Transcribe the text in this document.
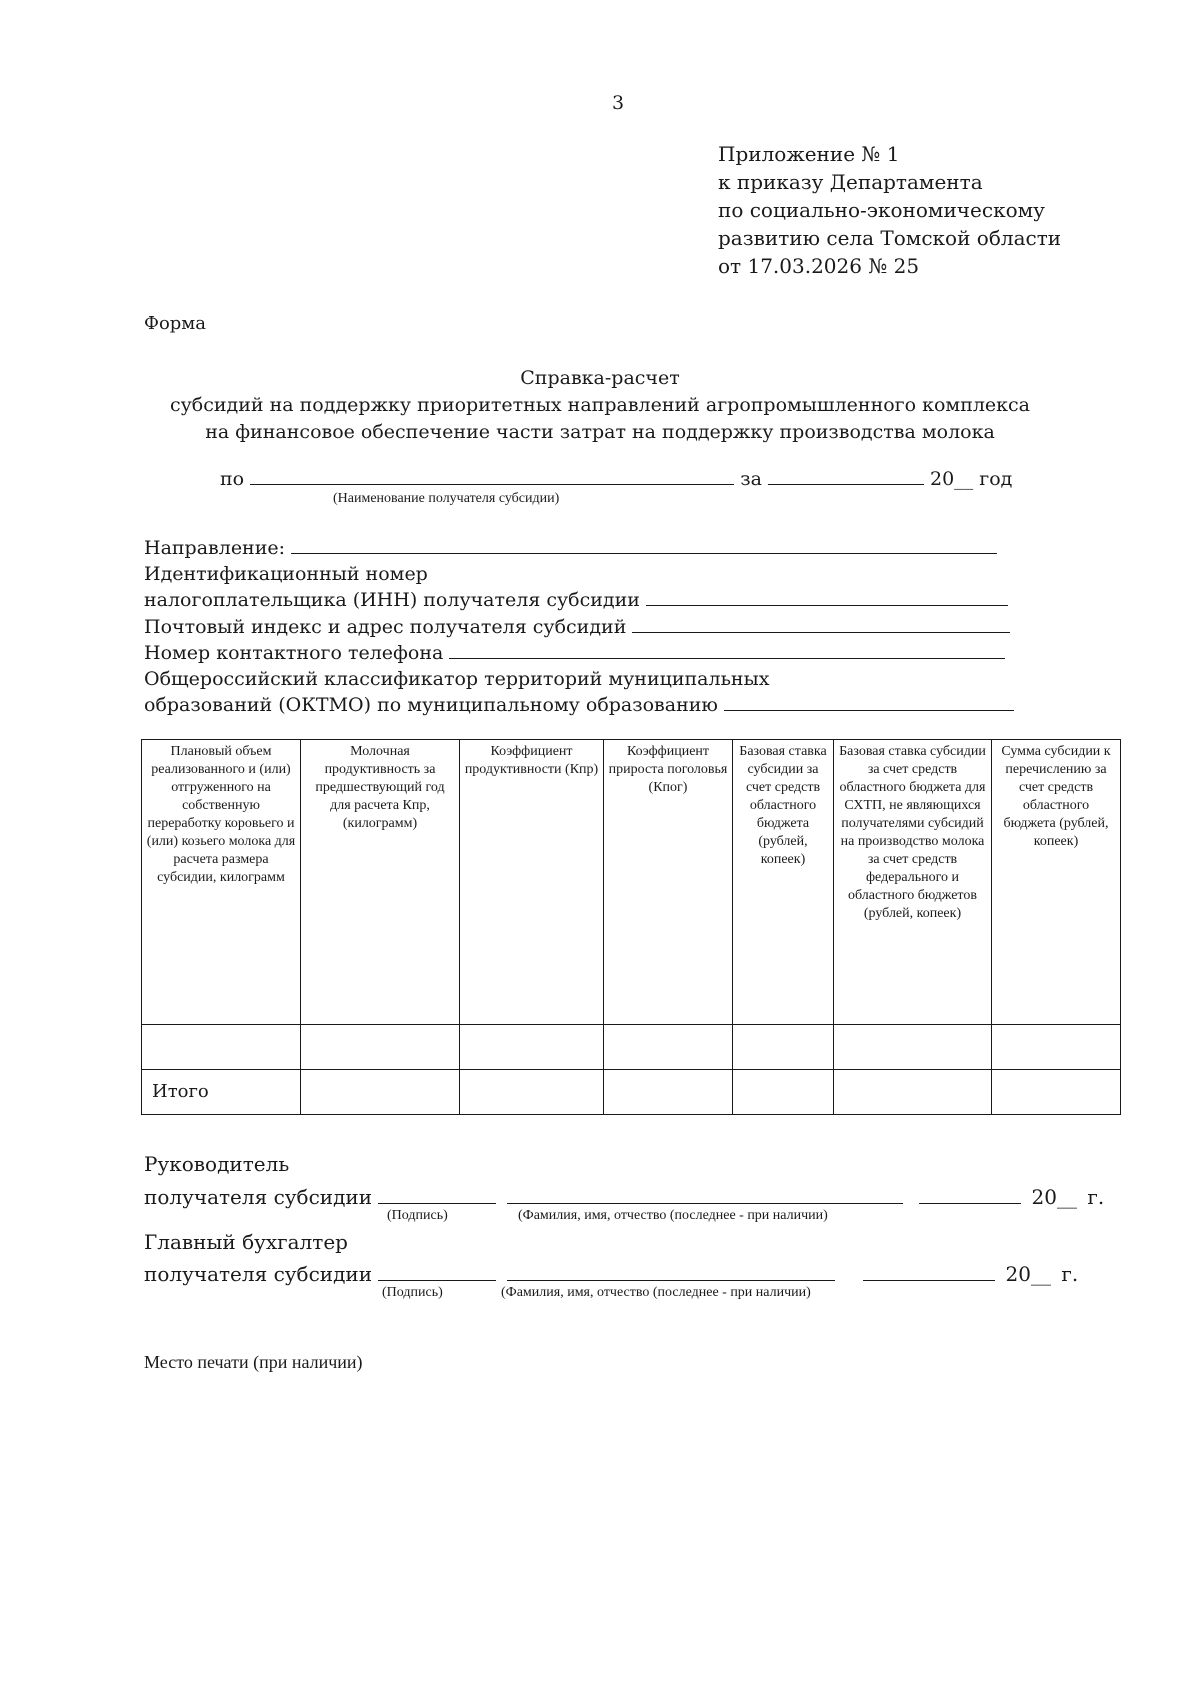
3
Приложение № 1
к приказу Департамента
по социально-экономическому
развитию села Томской области
от 17.03.2026 № 25
Форма
Справка-расчет
субсидий на поддержку приоритетных направлений агропромышленного комплекса
на финансовое обеспечение части затрат на поддержку производства молока
по	за	20__ год
(Наименование получателя субсидии)
Направление:
Идентификационный номер
налогоплательщика (ИНН) получателя субсидии
Почтовый индекс и адрес получателя субсидий
Номер контактного телефона
Общероссийский классификатор территорий муниципальных
образований (ОКТМО) по муниципальному образованию
Плановый объем реализованного и (или) отгруженного на собственную переработку коровьего и (или) козьего молока для расчета размера субсидии, килограмм	Молочная продуктивность за предшествующий год для расчета Кпр, (килограмм)	Коэффициент продуктивности (Кпр)	Коэффициент прироста поголовья (Кпог)	Базовая ставка субсидии за счет средств областного бюджета (рублей, копеек)	Базовая ставка субсидии за счет средств областного бюджета для СХТП, не являющихся получателями субсидий на производство молока за счет средств федерального и областного бюджетов (рублей, копеек)	Сумма субсидии к перечислению за счет средств областного бюджета (рублей, копеек)

Итого						
Руководитель
получателя субсидии	20__ г.
(Подпись)	(Фамилия, имя, отчество (последнее - при наличии)
Главный бухгалтер
получателя субсидии	20__ г.
(Подпись)	(Фамилия, имя, отчество (последнее - при наличии)
Место печати (при наличии)
